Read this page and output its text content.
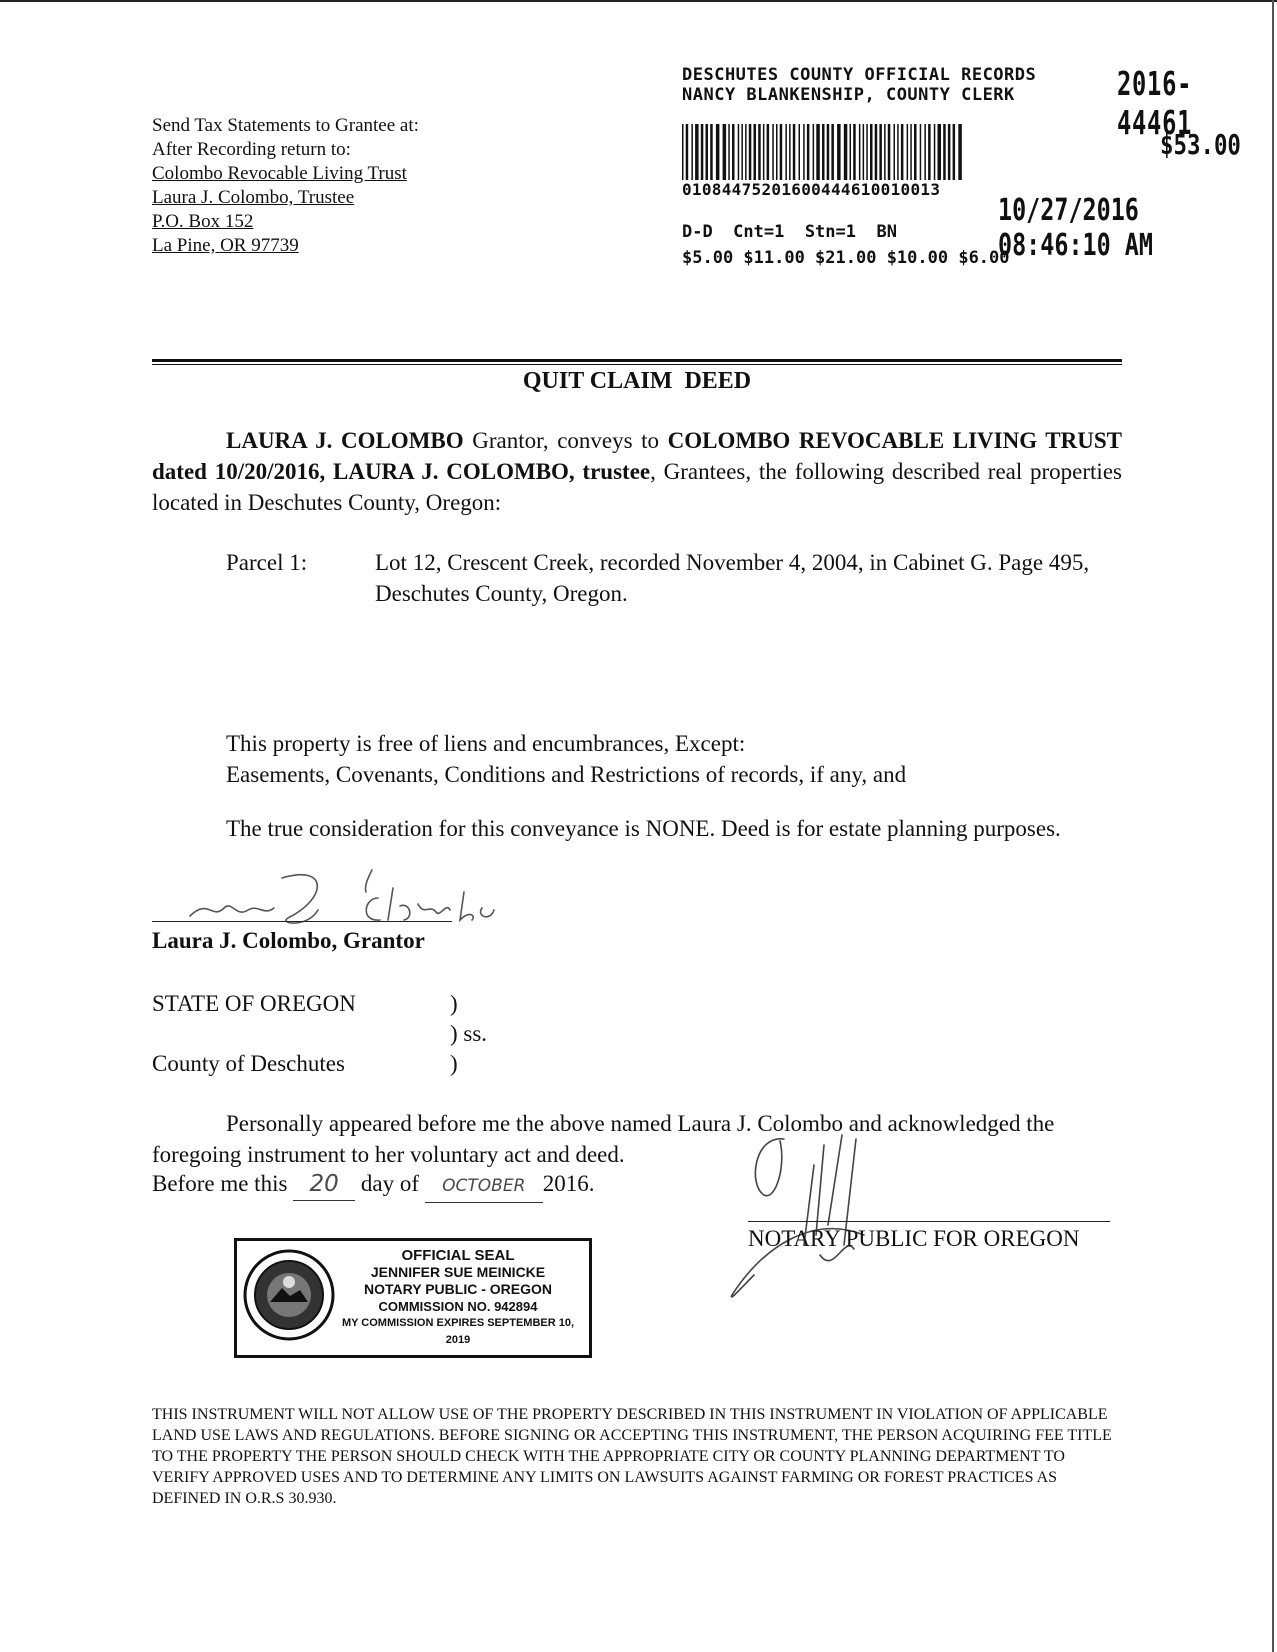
Send Tax Statements to Grantee at:
After Recording return to:
Colombo Revocable Living Trust
Laura J. Colombo, Trustee
P.O. Box 152
La Pine, OR 97739
DESCHUTES COUNTY OFFICIAL RECORDS
NANCY BLANKENSHIP, COUNTY CLERK	2016-44461
$53.00
01084475201600444610010013
10/27/2016 08:46:10 AM
D-D  Cnt=1  Stn=1  BN
$5.00 $11.00 $21.00 $10.00 $6.00
QUIT CLAIM  DEED

LAURA J. COLOMBO Grantor, conveys to COLOMBO REVOCABLE LIVING TRUST dated 10/20/2016, LAURA J. COLOMBO, trustee, Grantees, the following described real properties located in Deschutes County, Oregon:

Parcel 1:	Lot 12, Crescent Creek, recorded November 4, 2004, in Cabinet G. Page 495, Deschutes County, Oregon.
This property is free of liens and encumbrances, Except:
Easements, Covenants, Conditions and Restrictions of records, if any, and

The true consideration for this conveyance is NONE. Deed is for estate planning purposes.

Laura J. Colombo, Grantor
STATE OF OREGON
County of Deschutes
)
) ss.
)
Personally appeared before me the above named Laura J. Colombo and acknowledged the
foregoing instrument to her voluntary act and deed.
Before me this 20 day of OCTOBER 2016.
OFFICIAL SEAL
JENNIFER SUE MEINICKE
NOTARY PUBLIC - OREGON
COMMISSION NO. 942894
MY COMMISSION EXPIRES SEPTEMBER 10, 2019
NOTARY PUBLIC FOR OREGON
THIS INSTRUMENT WILL NOT ALLOW USE OF THE PROPERTY DESCRIBED IN THIS INSTRUMENT IN VIOLATION OF APPLICABLE LAND USE LAWS AND REGULATIONS. BEFORE SIGNING OR ACCEPTING THIS INSTRUMENT, THE PERSON ACQUIRING FEE TITLE TO THE PROPERTY THE PERSON SHOULD CHECK WITH THE APPROPRIATE CITY OR COUNTY PLANNING DEPARTMENT TO VERIFY APPROVED USES AND TO DETERMINE ANY LIMITS ON LAWSUITS AGAINST FARMING OR FOREST PRACTICES AS DEFINED IN O.R.S 30.930.
